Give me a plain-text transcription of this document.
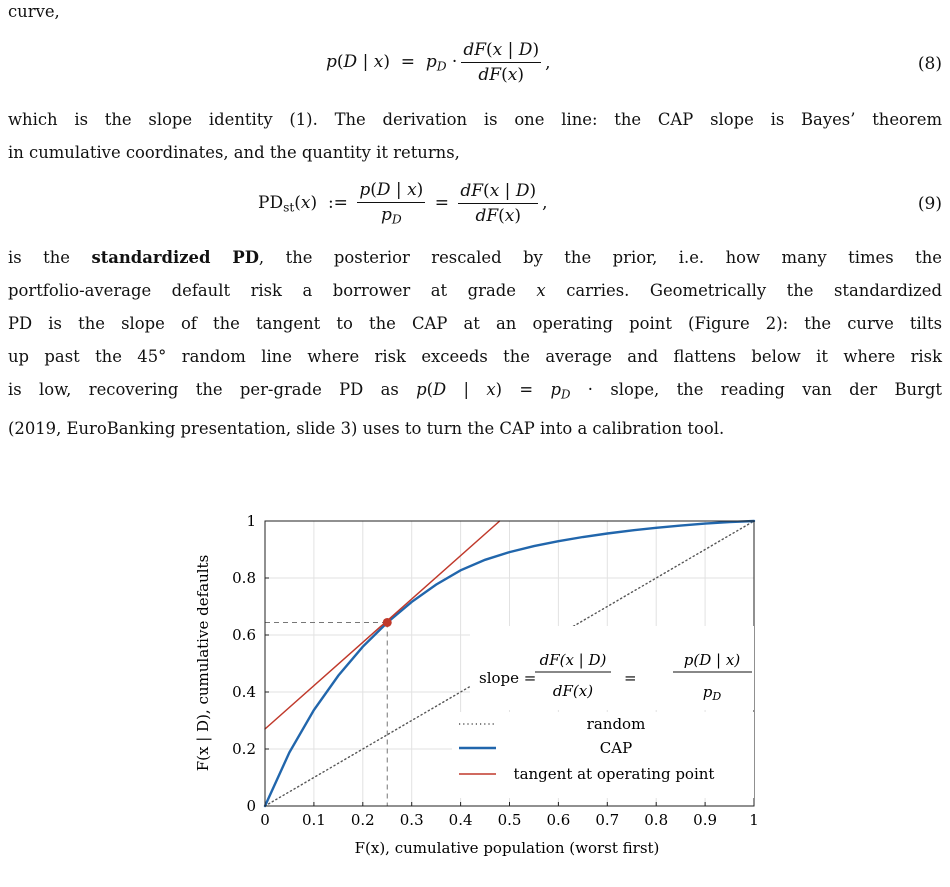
curve,
p(D | $x) = p_D \cdot \frac{dF(x | D)}{dF(x)}$ ,	(8)
which is the slope identity (1). The derivation is one line: the CAP slope is Bayes’ theorem
in cumulative coordinates, and the quantity it returns,
$PD_{st}(x)$  := $\frac{p(D | x)}{p_D} = \frac{dF(x | D)}{dF(x)}$ ,	(9)
is the standardized PD, the posterior rescaled by the prior, i.e. how many times the
portfolio-average default risk a borrower at grade x carries. Geometrically the standardized
PD is the slope of the tangent to the CAP at an operating point (Figure 2): the curve tilts
up past the 45° random line where risk exceeds the average and flattens below it where risk
is low, recovering the per-grade PD as p(D | $x) = p_D$ · slope, the reading van der Burgt
(2019, EuroBanking presentation, slide 3) uses to turn the CAP into a calibration tool.
0 0.1 0.2 0.3 0.4 0.5 0.6 0.7 0.8 0.9 1
0
0.2
0.4
0.6
0.8
1
slope =
dF(x | D)
dF(x)
=
p(D | x)
$p_D$
random
CAP
tangent at operating point
F(x), cumulative population (worst first)
F(x | D), cumulative defaults
